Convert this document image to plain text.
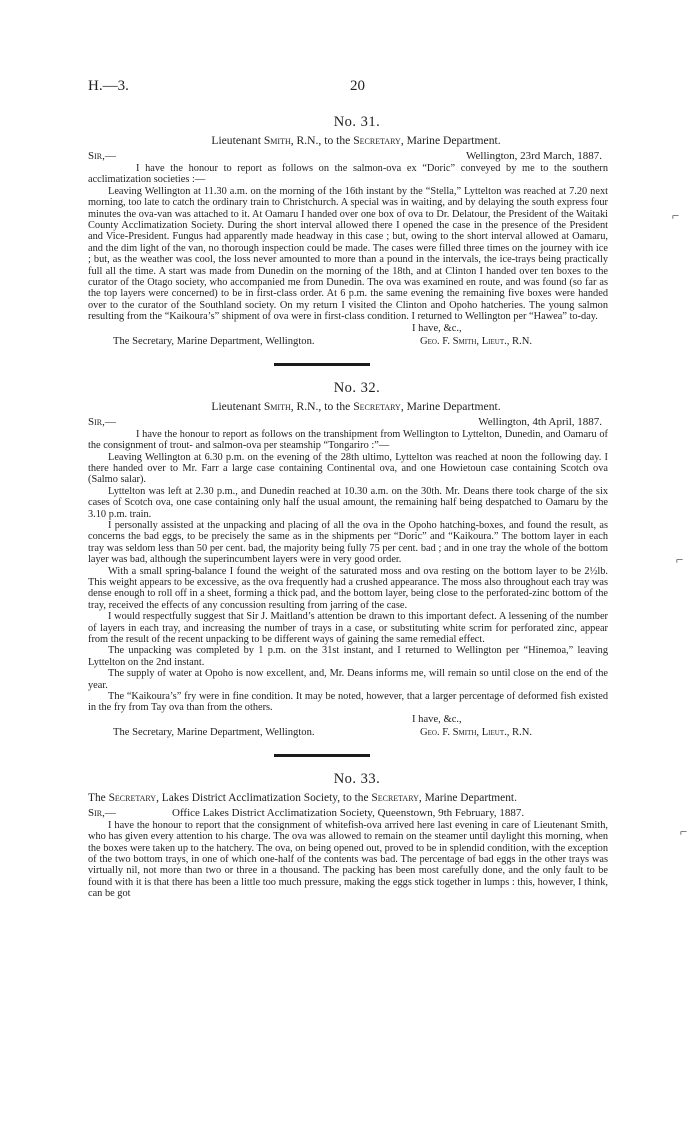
⌐
⌐
⌐
H.—3.	20
No. 31.
Lieutenant Smith, R.N., to the Secretary, Marine Department.
Sir,—	Wellington, 23rd March, 1887.

I have the honour to report as follows on the salmon-ova ex “Doric” conveyed by me to the southern acclimatization societies :—

Leaving Wellington at 11.30 a.m. on the morning of the 16th instant by the “Stella,” Lyttelton was reached at 7.20 next morning, too late to catch the ordinary train to Christchurch. A special was in waiting, and by delaying the south express four minutes the ova-van was attached to it. At Oamaru I handed over one box of ova to Dr. Delatour, the President of the Waitaki County Acclimatization Society. During the short interval allowed there I opened the case in the presence of the President and Vice-President. Fungus had apparently made headway in this case ; but, owing to the short interval allowed at Oamaru, and the dim light of the van, no thorough inspection could be made. The cases were filled three times on the journey with ice ; but, as the weather was cool, the loss never amounted to more than a pound in the intervals, the ice-trays being practically full all the time. A start was made from Dunedin on the morning of the 18th, and at Clinton I handed over ten boxes to the curator of the Otago society, who accompanied me from Dunedin. The ova was examined en route, and was found (so far as the top layers were concerned) to be in first-class order. At 6 p.m. the same evening the remaining five boxes were handed over to the curator of the Southland society. On my return I visited the Clinton and Opoho hatcheries. The young salmon resulting from the “Kaikoura’s” shipment of ova were in first-class condition. I returned to Wellington per “Hawea” to-day.

I have, &c.,
The Secretary, Marine Department, Wellington.	Geo. F. Smith, Lieut., R.N.
No. 32.
Lieutenant Smith, R.N., to the Secretary, Marine Department.
Sir,—	Wellington, 4th April, 1887.

I have the honour to report as follows on the transhipment from Wellington to Lyttelton, Dunedin, and Oamaru of the consignment of trout- and salmon-ova per steamship “Tongariro :”—

Leaving Wellington at 6.30 p.m. on the evening of the 28th ultimo, Lyttelton was reached at noon the following day. I there handed over to Mr. Farr a large case containing Continental ova, and one Howietoun case containing Scotch ova (Salmo salar).

Lyttelton was left at 2.30 p.m., and Dunedin reached at 10.30 a.m. on the 30th. Mr. Deans there took charge of the six cases of Scotch ova, one case containing only half the usual amount, the remaining half being despatched to Oamaru by the 3.10 p.m. train.

I personally assisted at the unpacking and placing of all the ova in the Opoho hatching-boxes, and found the result, as concerns the bad eggs, to be precisely the same as in the shipments per “Doric” and “Kaikoura.” The bottom layer in each tray was seldom less than 50 per cent. bad, the majority being fully 75 per cent. bad ; and in one tray the whole of the bottom layer was bad, although the superincumbent layers were in very good order.

With a small spring-balance I found the weight of the saturated moss and ova resting on the bottom layer to be 2½lb. This weight appears to be excessive, as the ova frequently had a crushed appearance. The moss also throughout each tray was dense enough to roll off in a sheet, forming a thick pad, and the bottom layer, being close to the perforated-zinc bottom of the tray, received the effects of any concussion resulting from jarring of the case.

I would respectfully suggest that Sir J. Maitland’s attention be drawn to this important defect. A lessening of the number of layers in each tray, and increasing the number of trays in a case, or substituting white scrim for perforated zinc, appear from the result of the recent unpacking to be different ways of gaining the same remedial effect.

The unpacking was completed by 1 p.m. on the 31st instant, and I returned to Wellington per “Hinemoa,” leaving Lyttelton on the 2nd instant.

The supply of water at Opoho is now excellent, and, Mr. Deans informs me, will remain so until close on the end of the year.

The “Kaikoura’s” fry were in fine condition. It may be noted, however, that a larger percentage of deformed fish existed in the fry from Tay ova than from the others.

I have, &c.,
The Secretary, Marine Department, Wellington.	Geo. F. Smith, Lieut., R.N.
No. 33.
The Secretary, Lakes District Acclimatization Society, to the Secretary, Marine Department.
Sir,—	Office Lakes District Acclimatization Society, Queenstown, 9th February, 1887.

I have the honour to report that the consignment of whitefish-ova arrived here last evening in care of Lieutenant Smith, who has given every attention to his charge. The ova was allowed to remain on the steamer until daylight this morning, when the boxes were taken up to the hatchery. The ova, on being opened out, proved to be in splendid condition, with the exception of the two bottom trays, in one of which one-half of the contents was bad. The percentage of bad eggs in the other trays was virtually nil, not more than two or three in a thousand. The packing has been most carefully done, and the only fault to be found with it is that there has been a little too much pressure, making the eggs stick together in lumps : this, however, I think, can be got
